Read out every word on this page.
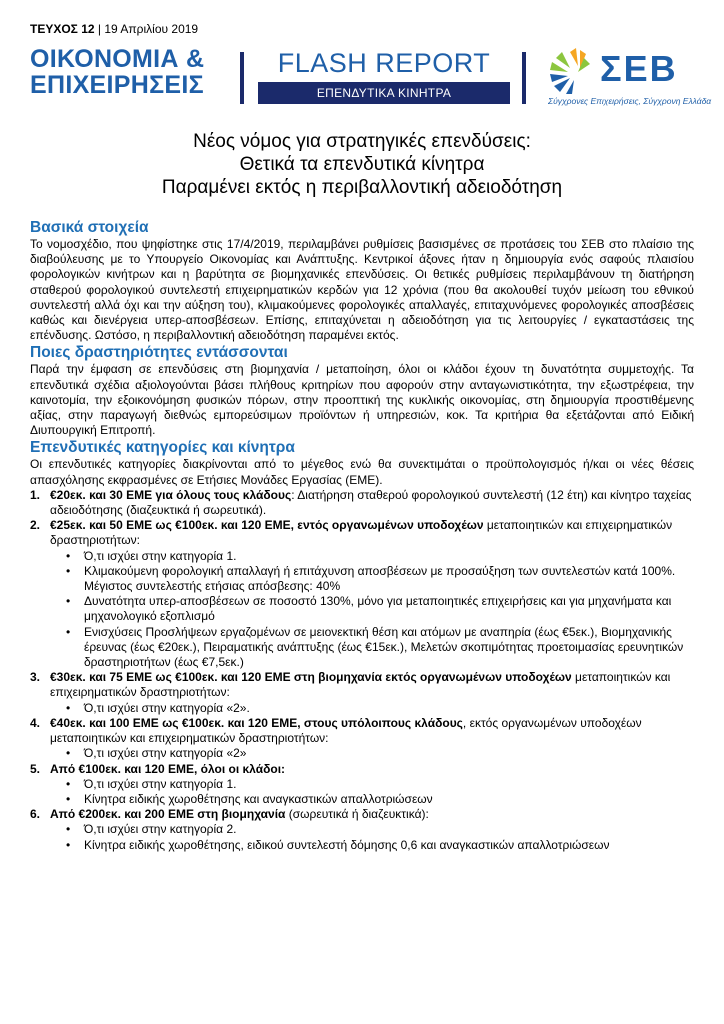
ΤΕΥΧΟΣ 12 | 19 Απριλίου 2019
ΟΙΚΟΝΟΜΙΑ &
ΕΠΙΧΕΙΡΗΣΕΙΣ
FLASH REPORT
ΕΠΕΝΔΥΤΙΚΑ ΚΙΝΗΤΡΑ
ΣΕΒ
Σύγχρονες Επιχειρήσεις, Σύγχρονη Ελλάδα
Νέος νόμος για στρατηγικές επενδύσεις:
Θετικά τα επενδυτικά κίνητρα
Παραμένει εκτός η περιβαλλοντική αδειοδότηση
Βασικά στοιχεία

Το νομοσχέδιο, που ψηφίστηκε στις 17/4/2019, περιλαμβάνει ρυθμίσεις βασισμένες σε προτάσεις του ΣΕΒ στο πλαίσιο της διαβούλευσης με το Υπουργείο Οικονομίας και Ανάπτυξης. Κεντρικοί άξονες ήταν η δημιουργία ενός σαφούς πλαισίου φορολογικών κινήτρων και η βαρύτητα σε βιομηχανικές επενδύσεις. Οι θετικές ρυθμίσεις περιλαμβάνουν τη διατήρηση σταθερού φορολογικού συντελεστή επιχειρηματικών κερδών για 12 χρόνια (που θα ακολουθεί τυχόν μείωση του εθνικού συντελεστή αλλά όχι και την αύξηση του), κλιμακούμενες φορολογικές απαλλαγές, επιταχυνόμενες φορολογικές αποσβέσεις καθώς και διενέργεια υπερ-αποσβέσεων. Επίσης, επιταχύνεται η αδειοδότηση για τις λειτουργίες / εγκαταστάσεις της επένδυσης. Ωστόσο, η περιβαλλοντική αδειοδότηση παραμένει εκτός.

Ποιες δραστηριότητες εντάσσονται

Παρά την έμφαση σε επενδύσεις στη βιομηχανία / μεταποίηση, όλοι οι κλάδοι έχουν τη δυνατότητα συμμετοχής. Τα επενδυτικά σχέδια αξιολογούνται βάσει πλήθους κριτηρίων που αφορούν στην ανταγωνιστικότητα, την εξωστρέφεια, την καινοτομία, την εξοικονόμηση φυσικών πόρων, στην προοπτική της κυκλικής οικονομίας, στη δημιουργία προστιθέμενης αξίας, στην παραγωγή διεθνώς εμπορεύσιμων προϊόντων ή υπηρεσιών, κοκ. Τα κριτήρια θα εξετάζονται από Ειδική Διυπουργική Επιτροπή.

Επενδυτικές κατηγορίες και κίνητρα

Οι επενδυτικές κατηγορίες διακρίνονται από το μέγεθος ενώ θα συνεκτιμάται ο προϋπολογισμός ή/και οι νέες θέσεις απασχόλησης εκφρασμένες σε Ετήσιες Μονάδες Εργασίας (ΕΜΕ).

1. €20εκ. και 30 ΕΜΕ για όλους τους κλάδους: Διατήρηση σταθερού φορολογικού συντελεστή (12 έτη) και κίνητρο ταχείας αδειοδότησης (διαζευκτικά ή σωρευτικά).
2. €25εκ. και 50 ΕΜΕ ως €100εκ. και 120 ΕΜΕ, εντός οργανωμένων υποδοχέων μεταποιητικών και επιχειρηματικών δραστηριοτήτων:
• Ό,τι ισχύει στην κατηγορία 1.
• Κλιμακούμενη φορολογική απαλλαγή ή επιτάχυνση αποσβέσεων με προσαύξηση των συντελεστών κατά 100%. Μέγιστος συντελεστής ετήσιας απόσβεσης: 40%
• Δυνατότητα υπερ-αποσβέσεων σε ποσοστό 130%, μόνο για μεταποιητικές επιχειρήσεις και για μηχανήματα και μηχανολογικό εξοπλισμό
• Ενισχύσεις Προσλήψεων εργαζομένων σε μειονεκτική θέση και ατόμων με αναπηρία (έως €5εκ.), Βιομηχανικής έρευνας (έως €20εκ.), Πειραματικής ανάπτυξης (έως €15εκ.), Μελετών σκοπιμότητας προετοιμασίας ερευνητικών δραστηριοτήτων (έως €7,5εκ.)
3. €30εκ. και 75 ΕΜΕ ως €100εκ. και 120 ΕΜΕ στη βιομηχανία εκτός οργανωμένων υποδοχέων μεταποιητικών και επιχειρηματικών δραστηριοτήτων:
• Ό,τι ισχύει στην κατηγορία «2».
4. €40εκ. και 100 ΕΜΕ ως €100εκ. και 120 ΕΜΕ, στους υπόλοιπους κλάδους, εκτός οργανωμένων υποδοχέων μεταποιητικών και επιχειρηματικών δραστηριοτήτων:
• Ό,τι ισχύει στην κατηγορία «2»
5. Από €100εκ. και 120 ΕΜΕ, όλοι οι κλάδοι:
• Ό,τι ισχύει στην κατηγορία 1.
• Κίνητρα ειδικής χωροθέτησης και αναγκαστικών απαλλοτριώσεων
6. Από €200εκ. και 200 ΕΜΕ στη βιομηχανία (σωρευτικά ή διαζευκτικά):
• Ό,τι ισχύει στην κατηγορία 2.
• Κίνητρα ειδικής χωροθέτησης, ειδικού συντελεστή δόμησης 0,6 και αναγκαστικών απαλλοτριώσεων
